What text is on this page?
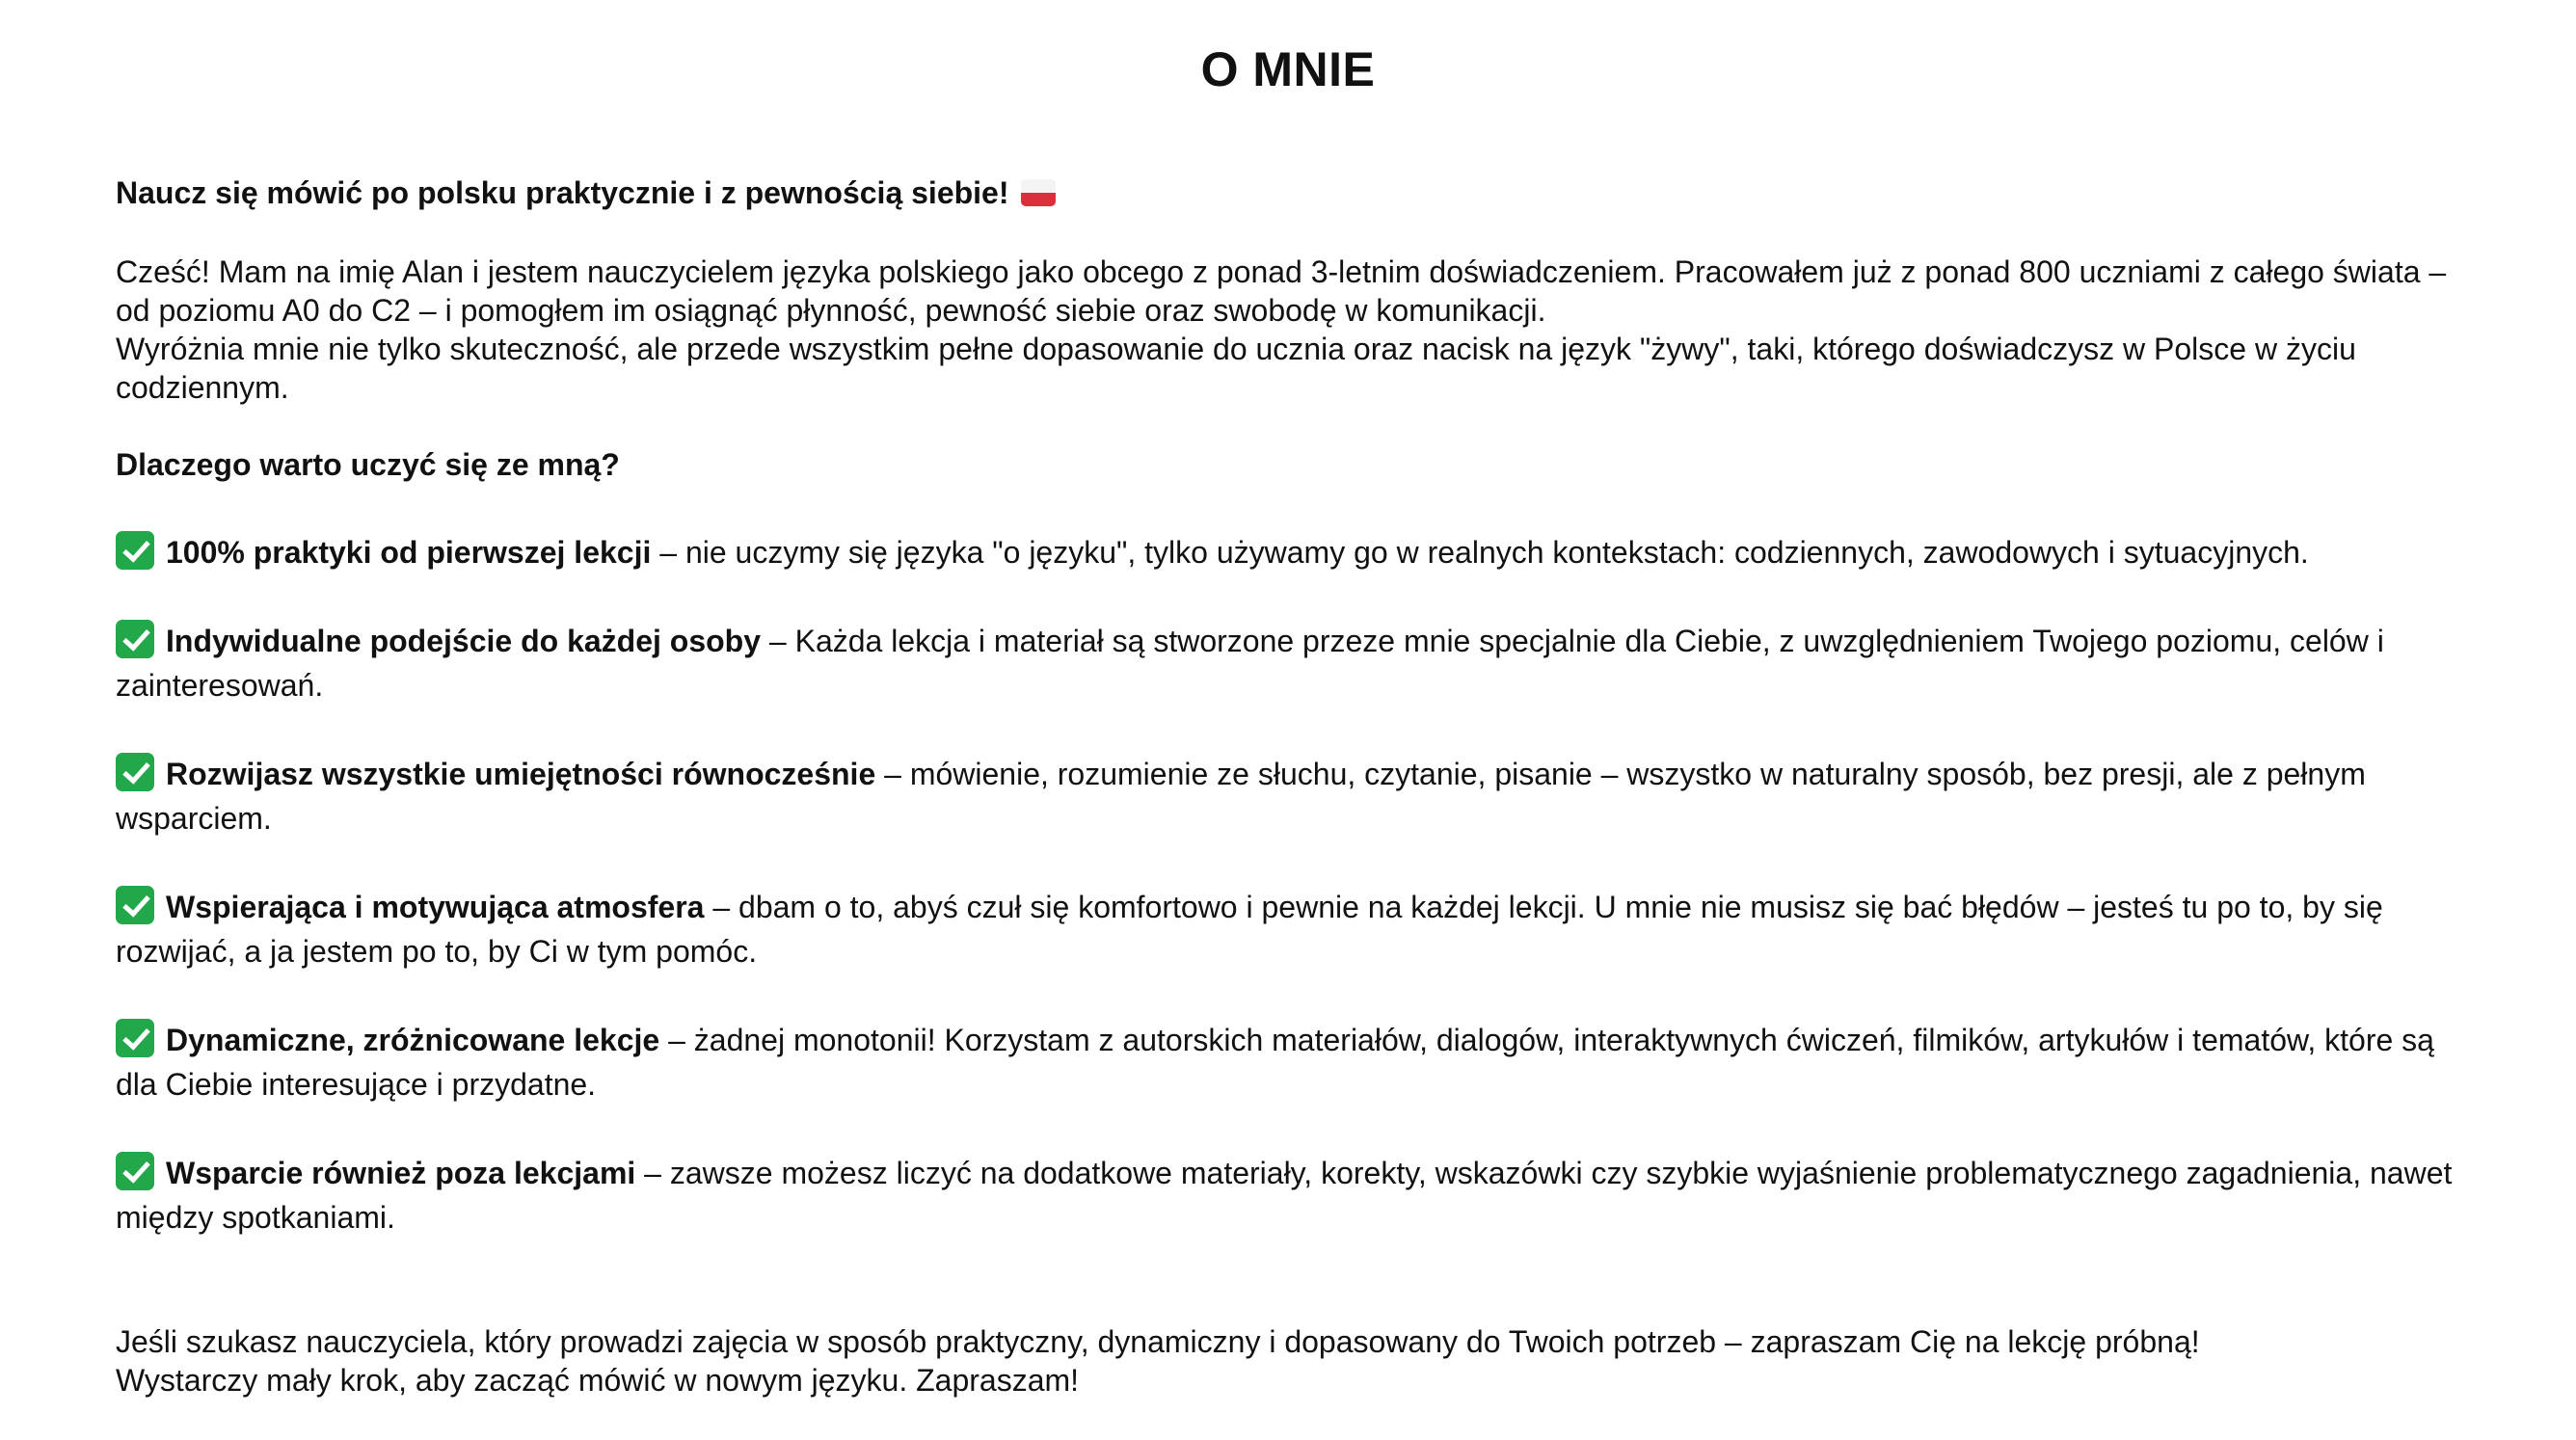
O MNIE
Naucz się mówić po polsku praktycznie i z pewnością siebie!

Cześć! Mam na imię Alan i jestem nauczycielem języka polskiego jako obcego z ponad 3-letnim doświadczeniem. Pracowałem już z ponad 800 uczniami z całego świata – od poziomu A0 do C2 – i pomogłem im osiągnąć płynność, pewność siebie oraz swobodę w komunikacji.

Wyróżnia mnie nie tylko skuteczność, ale przede wszystkim pełne dopasowanie do ucznia oraz nacisk na język "żywy", taki, którego doświadczysz w Polsce w życiu codziennym.

Dlaczego warto uczyć się ze mną?
100% praktyki od pierwszej lekcji – nie uczymy się języka "o języku", tylko używamy go w realnych kontekstach: codziennych, zawodowych i sytuacyjnych.
Indywidualne podejście do każdej osoby – Każda lekcja i materiał są stworzone przeze mnie specjalnie dla Ciebie, z uwzględnieniem Twojego poziomu, celów i zainteresowań.
Rozwijasz wszystkie umiejętności równocześnie – mówienie, rozumienie ze słuchu, czytanie, pisanie – wszystko w naturalny sposób, bez presji, ale z pełnym wsparciem.
Wspierająca i motywująca atmosfera – dbam o to, abyś czuł się komfortowo i pewnie na każdej lekcji. U mnie nie musisz się bać błędów – jesteś tu po to, by się rozwijać, a ja jestem po to, by Ci w tym pomóc.
Dynamiczne, zróżnicowane lekcje – żadnej monotonii! Korzystam z autorskich materiałów, dialogów, interaktywnych ćwiczeń, filmików, artykułów i tematów, które są dla Ciebie interesujące i przydatne.
Wsparcie również poza lekcjami – zawsze możesz liczyć na dodatkowe materiały, korekty, wskazówki czy szybkie wyjaśnienie problematycznego zagadnienia, nawet między spotkaniami.

Jeśli szukasz nauczyciela, który prowadzi zajęcia w sposób praktyczny, dynamiczny i dopasowany do Twoich potrzeb – zapraszam Cię na lekcję próbną!

Wystarczy mały krok, aby zacząć mówić w nowym języku. Zapraszam!
